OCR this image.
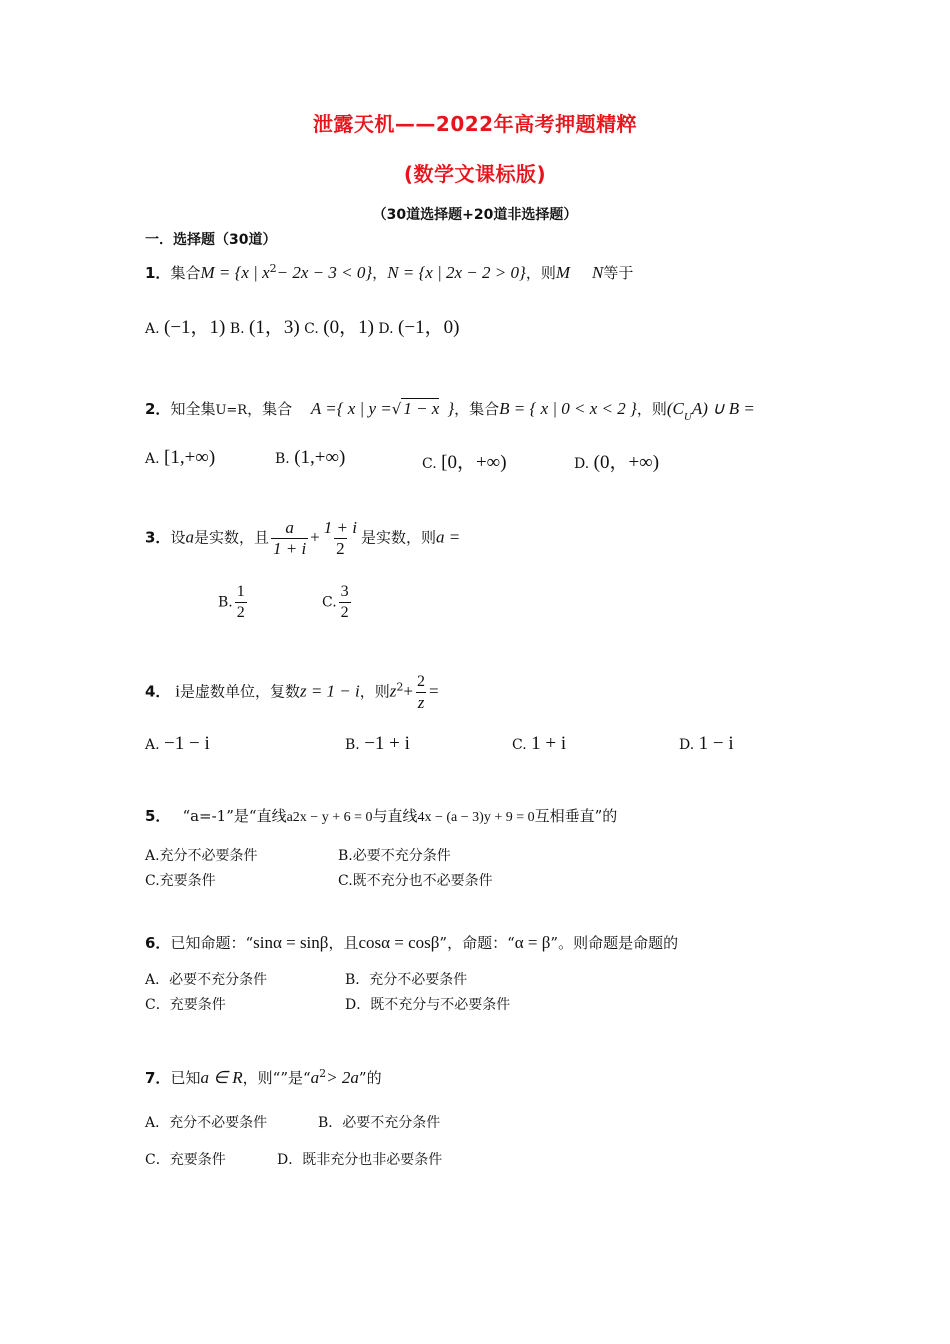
泄露天机——2022年高考押题精粹
(数学文课标版)
（30道选择题+20道非选择题）
一．选择题（30道）
1．集合M = {x | $x^2- 2x - 3 < 0$}，N = {x | 2x − 2 > 0}，则M N等于
A. (−1，1) B. (1，3) C. (0，1) D. (−1，0)
2．知全集U=R，集合 A ={ x | y =√ 1 − x }，集合B = { x | 0 < x < 2 }，则$(C_UA)$ ∪ B =
A. [1,+∞)	B. (1,+∞)	C. [0，+∞)	D. (0，+∞)
3．设a是实数，且 $\frac{a}{1 + i} + \frac{1 + i}{2}$ 是实数，则a =
B. $\frac{1}{2}$	C. $\frac{3}{2}$
4． i是虚数单位，复数z = 1 − i，则$z^2+ \frac{2}{z}$ =
A. −1 − i	B. −1 + i	C. 1 + i	D. 1 − i
5． “a=-1”是“直线a2x − y + 6 = 0与直线4x − (a − 3)y + 9 = 0互相垂直”的
A.充分不必要条件	B.必要不充分条件
C.充要条件	C.既不充分也不必要条件
6．已知命题：“sinα = sinβ，且cosα = cosβ”，命题：“α = β”。则命题是命题的
A．必要不充分条件	B．充分不必要条件
C．充要条件	D．既不充分与不必要条件
7．已知a ∈ R，则“”是“$a^2> 2a$”的
A．充分不必要条件	B．必要不充分条件
C．充要条件	D．既非充分也非必要条件
